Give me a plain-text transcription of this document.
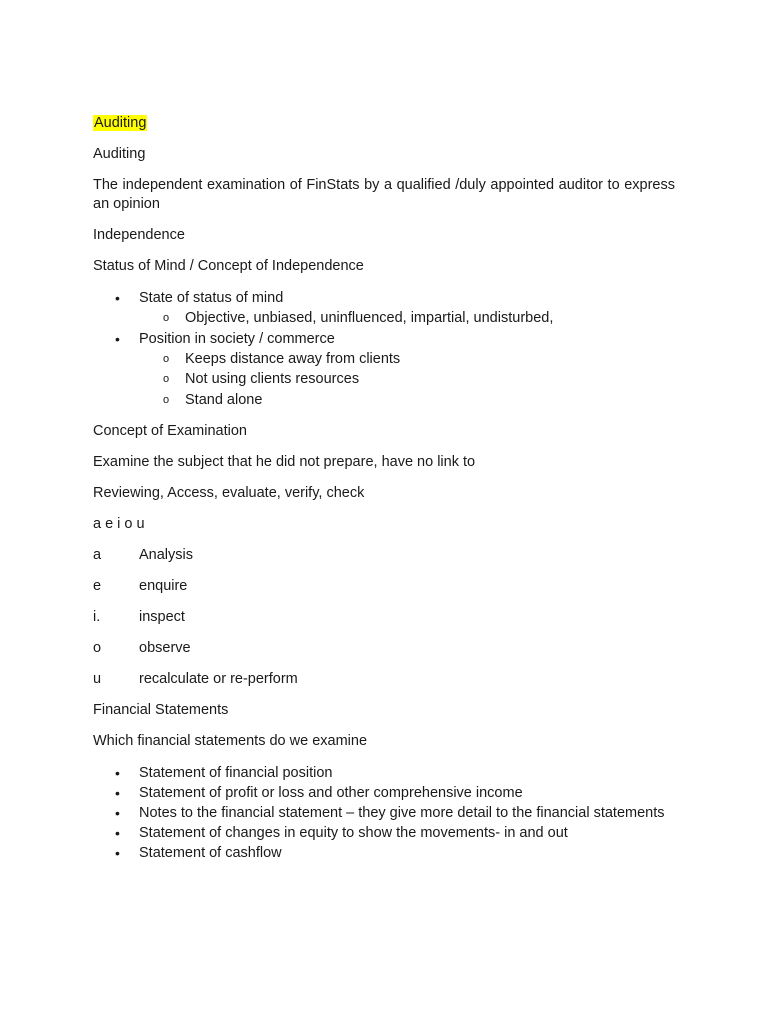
Auditing

Auditing

The independent examination of FinStats by a qualified /duly appointed auditor to express an opinion

Independence

Status of Mind / Concept of Independence

• State of status of mind
o Objective, unbiased, uninfluenced, impartial, undisturbed,
• Position in society / commerce
o Keeps distance away from clients
o Not using clients resources
o Stand alone

Concept of Examination

Examine the subject that he did not prepare, have no link to

Reviewing, Access, evaluate, verify, check

a e i o u

a	Analysis
e	enquire
i.	inspect
o	observe
u	recalculate or re-perform

Financial Statements

Which financial statements do we examine

• Statement of financial position
• Statement of profit or loss and other comprehensive income
• Notes to the financial statement – they give more detail to the financial statements
• Statement of changes in equity to show the movements- in and out
• Statement of cashflow
